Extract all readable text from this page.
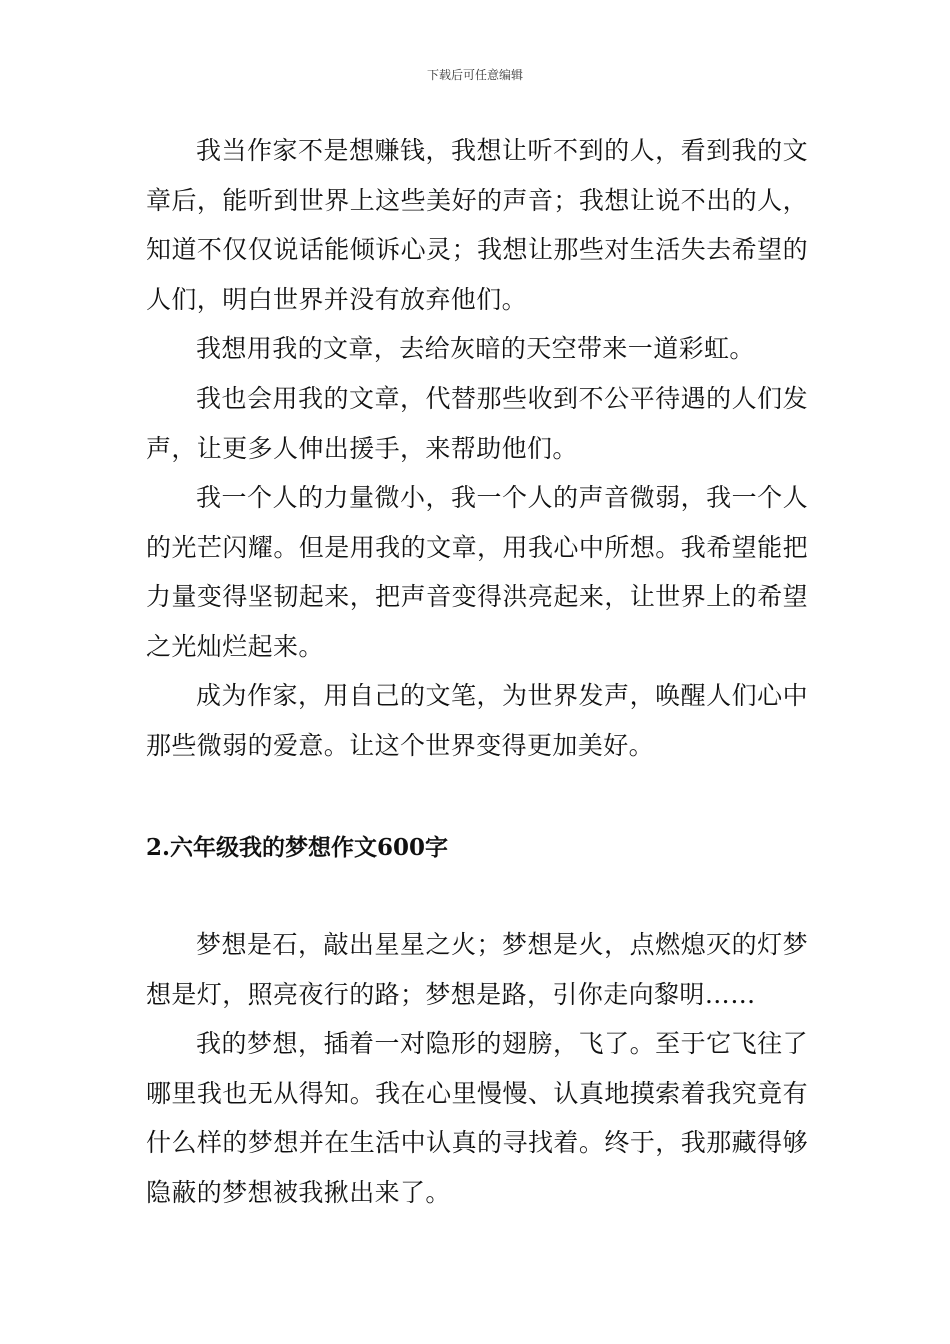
下载后可任意编辑

我当作家不是想赚钱，我想让听不到的人，看到我的文章后，能听到世界上这些美好的声音；我想让说不出的人，知道不仅仅说话能倾诉心灵；我想让那些对生活失去希望的人们，明白世界并没有放弃他们。

我想用我的文章，去给灰暗的天空带来一道彩虹。

我也会用我的文章，代替那些收到不公平待遇的人们发声，让更多人伸出援手，来帮助他们。

我一个人的力量微小，我一个人的声音微弱，我一个人的光芒闪耀。但是用我的文章，用我心中所想。我希望能把力量变得坚韧起来，把声音变得洪亮起来，让世界上的希望之光灿烂起来。

成为作家，用自己的文笔，为世界发声，唤醒人们心中那些微弱的爱意。让这个世界变得更加美好。

2.六年级我的梦想作文600字

梦想是石，敲出星星之火；梦想是火，点燃熄灭的灯梦想是灯，照亮夜行的路；梦想是路，引你走向黎明……

我的梦想，插着一对隐形的翅膀，飞了。至于它飞往了哪里我也无从得知。我在心里慢慢、认真地摸索着我究竟有什么样的梦想并在生活中认真的寻找着。终于，我那藏得够隐蔽的梦想被我揪出来了。
